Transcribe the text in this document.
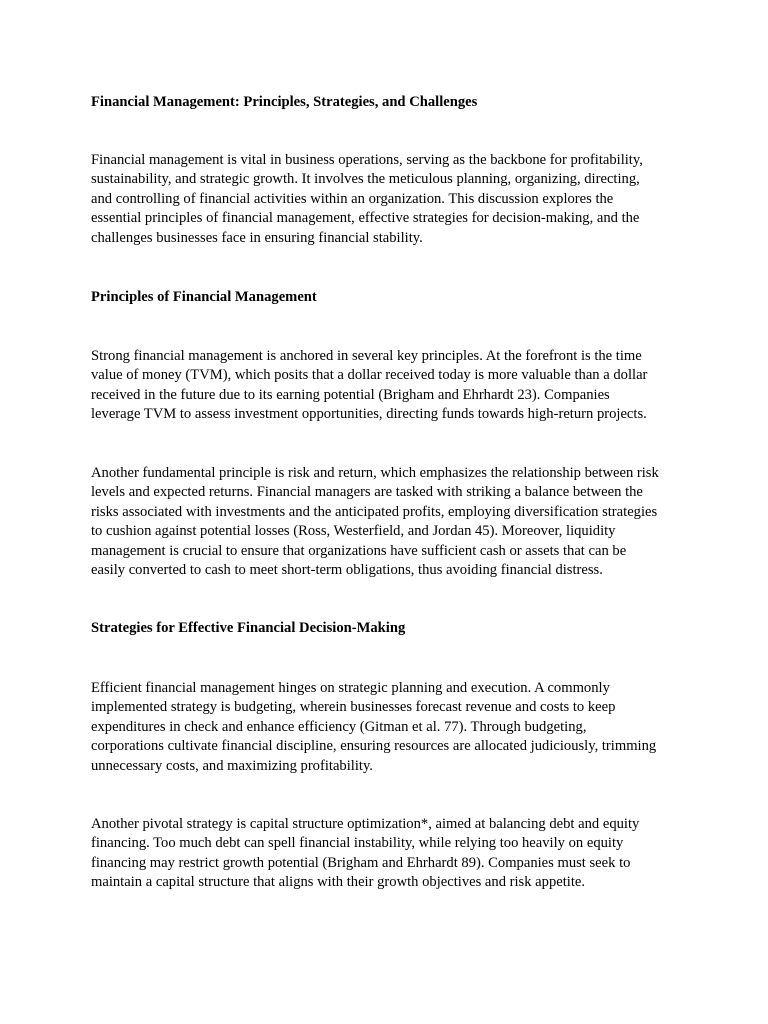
Financial Management: Principles, Strategies, and Challenges

Financial management is vital in business operations, serving as the backbone for profitability,
sustainability, and strategic growth. It involves the meticulous planning, organizing, directing,
and controlling of financial activities within an organization. This discussion explores the
essential principles of financial management, effective strategies for decision-making, and the
challenges businesses face in ensuring financial stability.

Principles of Financial Management

Strong financial management is anchored in several key principles. At the forefront is the time
value of money (TVM), which posits that a dollar received today is more valuable than a dollar
received in the future due to its earning potential (Brigham and Ehrhardt 23). Companies
leverage TVM to assess investment opportunities, directing funds towards high-return projects.

Another fundamental principle is risk and return, which emphasizes the relationship between risk
levels and expected returns. Financial managers are tasked with striking a balance between the
risks associated with investments and the anticipated profits, employing diversification strategies
to cushion against potential losses (Ross, Westerfield, and Jordan 45). Moreover, liquidity
management is crucial to ensure that organizations have sufficient cash or assets that can be
easily converted to cash to meet short-term obligations, thus avoiding financial distress.

Strategies for Effective Financial Decision-Making

Efficient financial management hinges on strategic planning and execution. A commonly
implemented strategy is budgeting, wherein businesses forecast revenue and costs to keep
expenditures in check and enhance efficiency (Gitman et al. 77). Through budgeting,
corporations cultivate financial discipline, ensuring resources are allocated judiciously, trimming
unnecessary costs, and maximizing profitability.

Another pivotal strategy is capital structure optimization*, aimed at balancing debt and equity
financing. Too much debt can spell financial instability, while relying too heavily on equity
financing may restrict growth potential (Brigham and Ehrhardt 89). Companies must seek to
maintain a capital structure that aligns with their growth objectives and risk appetite.
